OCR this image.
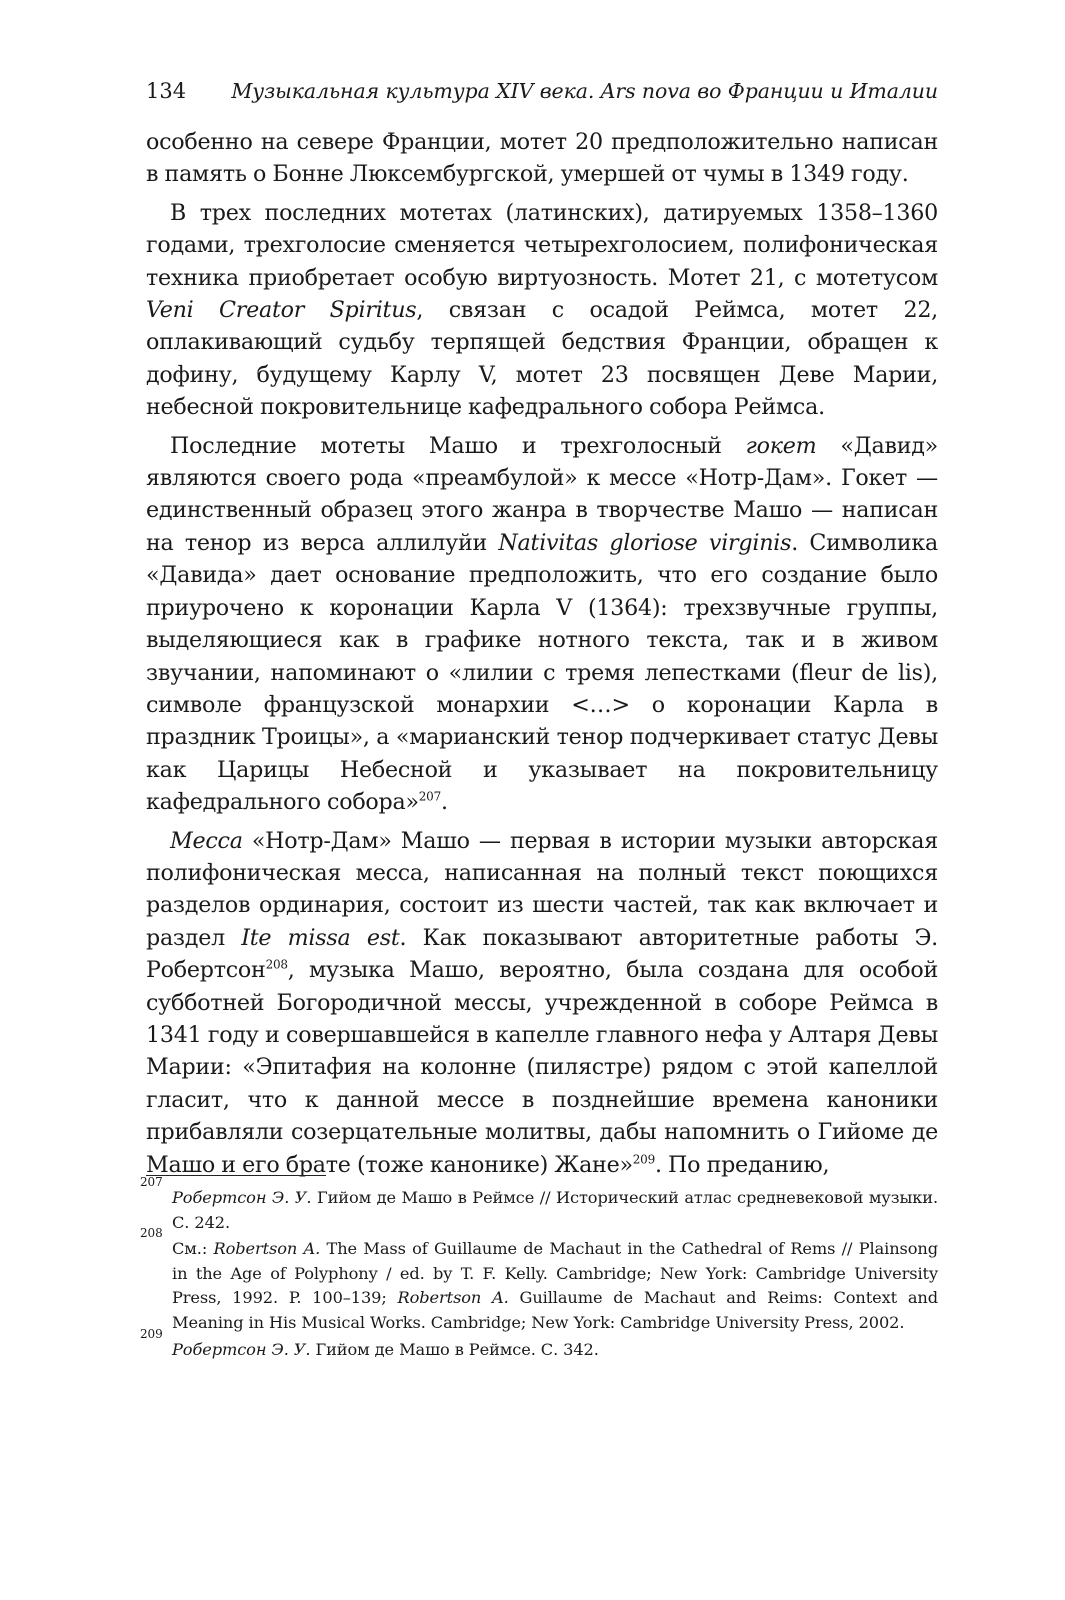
134 Музыкальная культура XIV века. Ars nova во Франции и Италии

особенно на севере Франции, мотет 20 предположительно написан в память о Бонне Люксембургской, умершей от чумы в 1349 году.

В трех последних мотетах (латинских), датируемых 1358–1360 годами, трехголосие сменяется четырехголосием, полифоническая техника приобретает особую виртуозность. Мотет 21, с мотетусом Veni Creator Spiritus, связан с осадой Реймса, мотет 22, оплакивающий судьбу терпящей бедствия Франции, обращен к дофину, будущему Карлу V, мотет 23 посвящен Деве Марии, небесной покровительнице кафедрального собора Реймса.

Последние мотеты Машо и трехголосный гокет «Давид» являются своего рода «преамбулой» к мессе «Нотр-Дам». Гокет — единственный образец этого жанра в творчестве Машо — написан на тенор из верса аллилуйи Nativitas gloriose virginis. Символика «Давида» дает основание предположить, что его создание было приурочено к коронации Карла V (1364): трехзвучные группы, выделяющиеся как в графике нотного текста, так и в живом звучании, напоминают о «лилии с тремя лепестками (fleur de lis), символе французской монархии <…> о коронации Карла в праздник Троицы», а «марианский тенор подчеркивает статус Девы как Царицы Небесной и указывает на покровительницу кафедрального собора»$^{207}$.

Месса «Нотр-Дам» Машо — первая в истории музыки авторская полифоническая месса, написанная на полный текст поющихся разделов ординария, состоит из шести частей, так как включает и раздел Ite missa est. Как показывают авторитетные работы Э. Робертсон$^{208}$, музыка Машо, вероятно, была создана для особой субботней Богородичной мессы, учрежденной в соборе Реймса в 1341 году и совершавшейся в капелле главного нефа у Алтаря Девы Марии: «Эпитафия на колонне (пилястре) рядом с этой капеллой гласит, что к данной мессе в позднейшие времена каноники прибавляли созерцательные молитвы, дабы напомнить о Гийоме де Машо и его брате (тоже канонике) Жане»$^{209}$. По преданию,

207
Робертсон Э. У. Гийом де Машо в Реймсе // Исторический атлас средневековой музыки. С. 242.
208
См.: Robertson A. The Mass of Guillaume de Machaut in the Cathedral of Rems // Plainsong in the Age of Polyphony / ed. by T. F. Kelly. Cambridge; New York: Cambridge University Press, 1992. P. 100–139; Robertson A. Guillaume de Machaut and Reims: Context and Meaning in His Musical Works. Cambridge; New York: Cambridge University Press, 2002.
209
Робертсон Э. У. Гийом де Машо в Реймсе. С. 342.
